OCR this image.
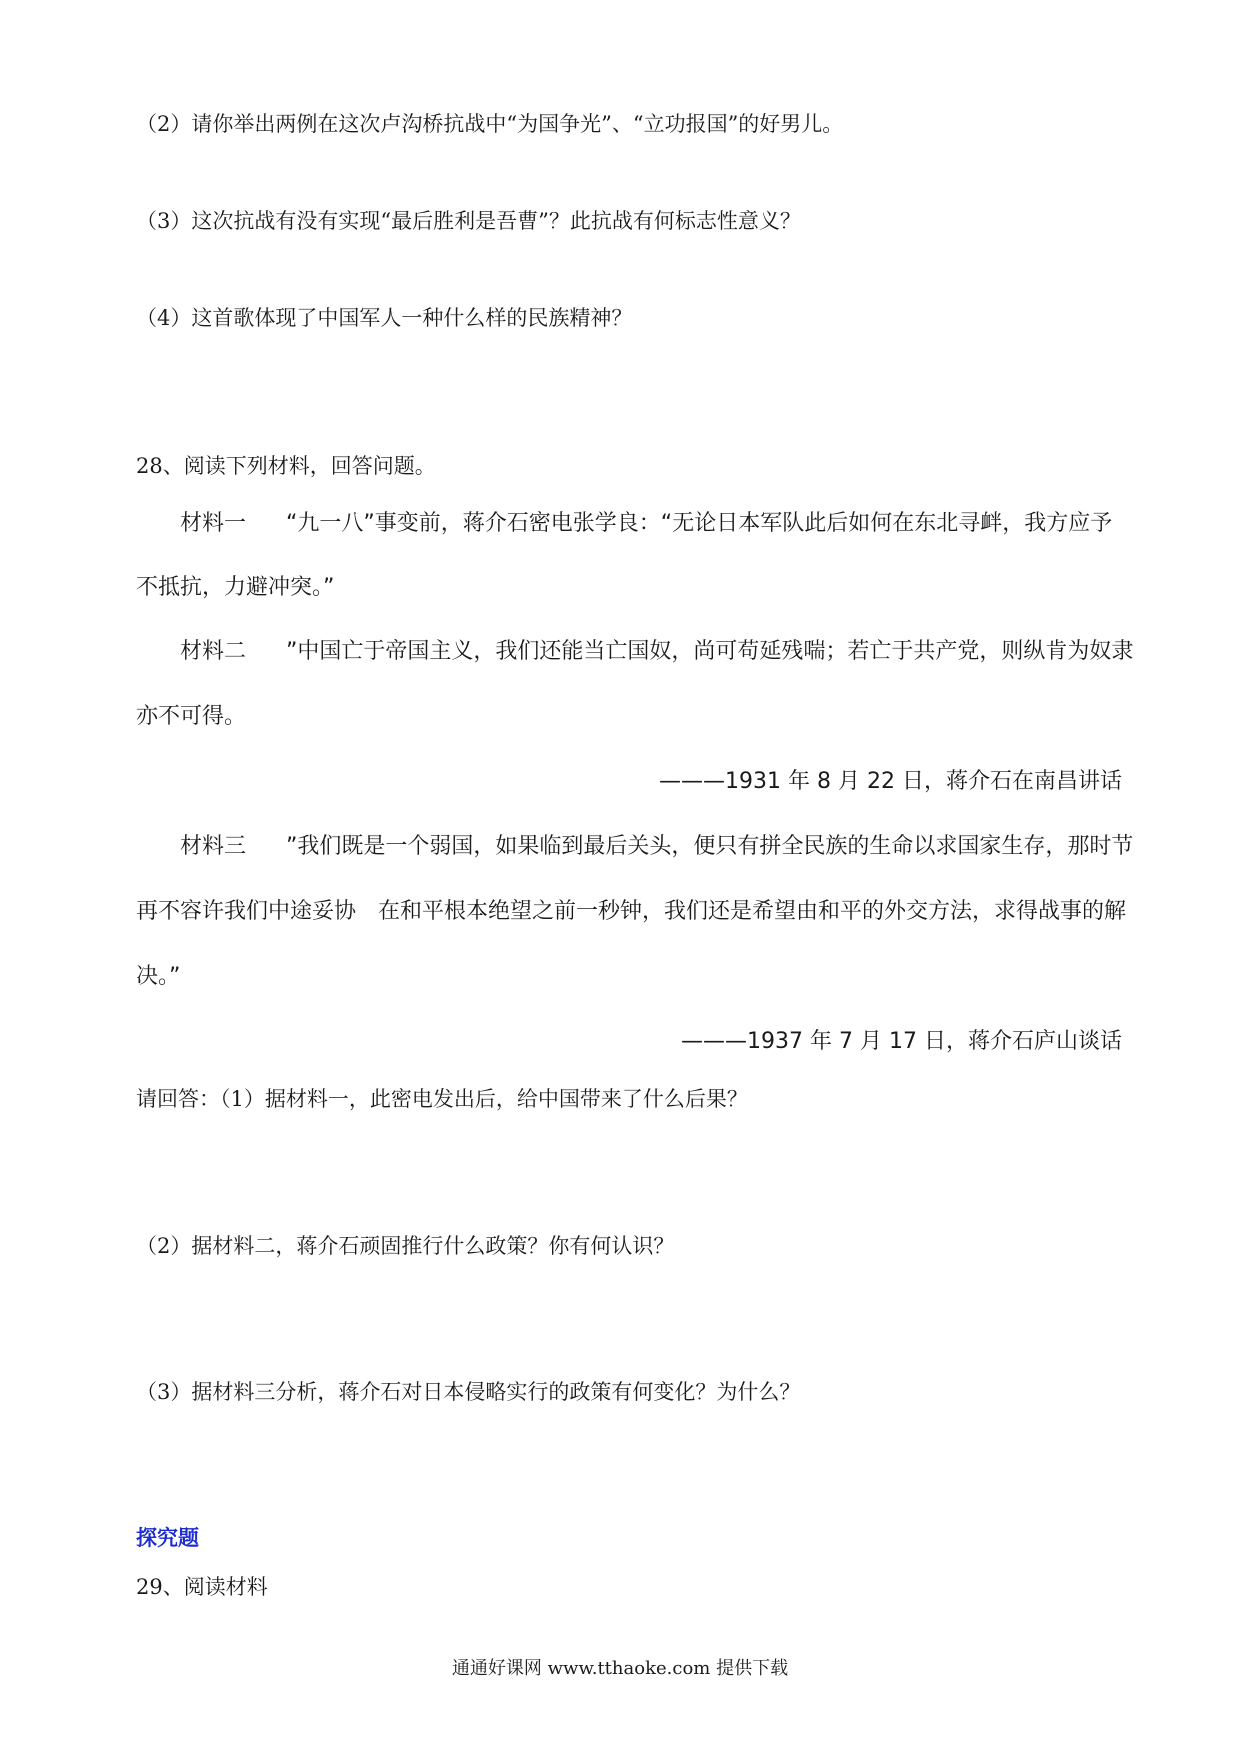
（2）请你举出两例在这次卢沟桥抗战中“为国争光”、“立功报国”的好男儿。
（3）这次抗战有没有实现“最后胜利是吾曹”？此抗战有何标志性意义？
（4）这首歌体现了中国军人一种什么样的民族精神？
28、阅读下列材料，回答问题。
材料一 “九一八”事变前，蒋介石密电张学良：“无论日本军队此后如何在东北寻衅，我方应予
不抵抗，力避冲突。”
材料二 ”中国亡于帝国主义，我们还能当亡国奴，尚可苟延残喘；若亡于共产党，则纵肯为奴隶
亦不可得。
———1931 年 8 月 22 日，蒋介石在南昌讲话
材料三 ”我们既是一个弱国，如果临到最后关头，便只有拼全民族的生命以求国家生存，那时节
再不容许我们中途妥协 在和平根本绝望之前一秒钟，我们还是希望由和平的外交方法，求得战事的解
决。”
———1937 年 7 月 17 日，蒋介石庐山谈话
请回答：（1）据材料一，此密电发出后，给中国带来了什么后果？
（2）据材料二，蒋介石顽固推行什么政策？你有何认识？
（3）据材料三分析，蒋介石对日本侵略实行的政策有何变化？为什么？
探究题
29、阅读材料
通通好课网 www.tthaoke.com 提供下载
